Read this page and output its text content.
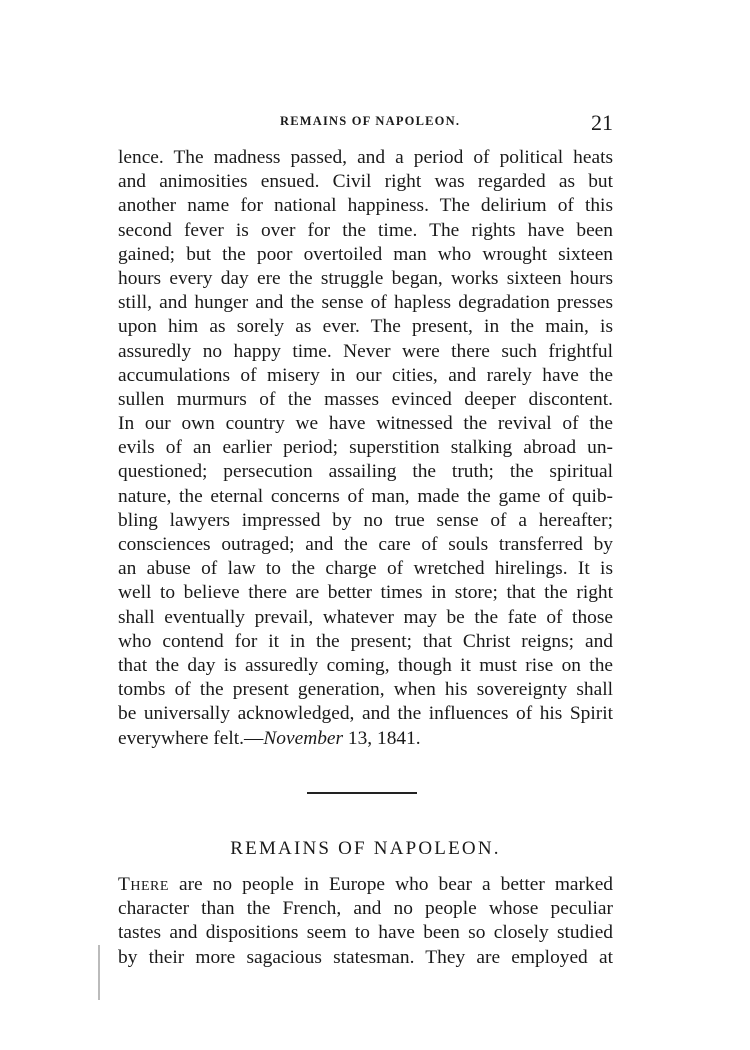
REMAINS OF NAPOLEON.	21
lence. The madness passed, and a period of political heats
and animosities ensued. Civil right was regarded as but
another name for national happiness. The delirium of this
second fever is over for the time. The rights have been
gained; but the poor overtoiled man who wrought sixteen
hours every day ere the struggle began, works sixteen hours
still, and hunger and the sense of hapless degradation presses
upon him as sorely as ever. The present, in the main, is
assuredly no happy time. Never were there such frightful
accumulations of misery in our cities, and rarely have the
sullen murmurs of the masses evinced deeper discontent.
In our own country we have witnessed the revival of the
evils of an earlier period; superstition stalking abroad un-
questioned; persecution assailing the truth; the spiritual
nature, the eternal concerns of man, made the game of quib-
bling lawyers impressed by no true sense of a hereafter;
consciences outraged; and the care of souls transferred by
an abuse of law to the charge of wretched hirelings. It is
well to believe there are better times in store; that the right
shall eventually prevail, whatever may be the fate of those
who contend for it in the present; that Christ reigns; and
that the day is assuredly coming, though it must rise on the
tombs of the present generation, when his sovereignty shall
be universally acknowledged, and the influences of his Spirit
everywhere felt.—November 13, 1841.
REMAINS OF NAPOLEON.
There are no people in Europe who bear a better marked
character than the French, and no people whose peculiar
tastes and dispositions seem to have been so closely studied
by their more sagacious statesman. They are employed at
